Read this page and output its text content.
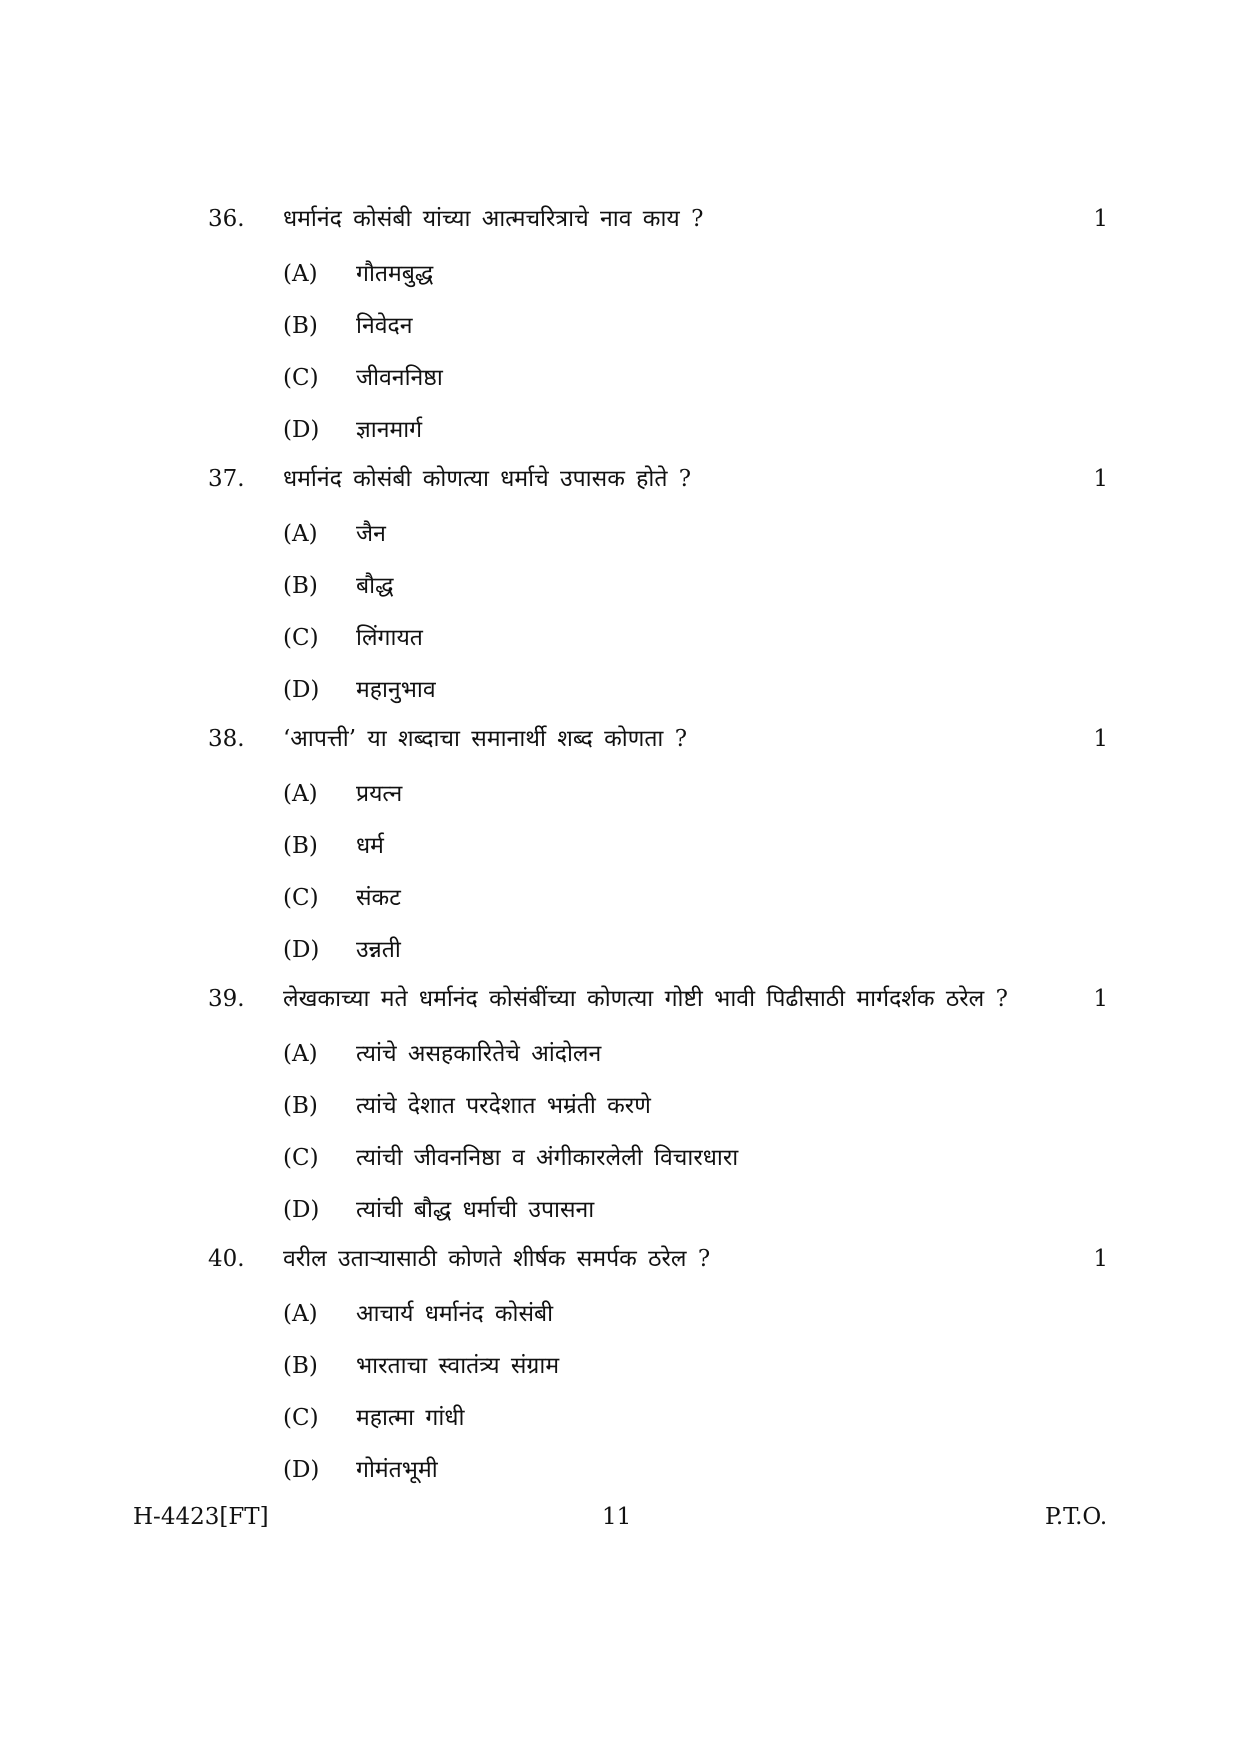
36. धर्मानंद कोसंबी यांच्या आत्मचरित्राचे नाव काय ?	1
(A) गौतमबुद्ध
(B) निवेदन
(C) जीवननिष्ठा
(D) ज्ञानमार्ग
37. धर्मानंद कोसंबी कोणत्या धर्माचे उपासक होते ?	1
(A) जैन
(B) बौद्ध
(C) लिंगायत
(D) महानुभाव
38. ‘आपत्ती’ या शब्दाचा समानार्थी शब्द कोणता ?	1
(A) प्रयत्न
(B) धर्म
(C) संकट
(D) उन्नती
39. लेखकाच्या मते धर्मानंद कोसंबींच्या कोणत्या गोष्टी भावी पिढीसाठी मार्गदर्शक ठरेल ?	1
(A) त्यांचे असहकारितेचे आंदोलन
(B) त्यांचे देशात परदेशात भम्रंती करणे
(C) त्यांची जीवननिष्ठा व अंगीकारलेली विचारधारा
(D) त्यांची बौद्ध धर्माची उपासना
40. वरील उताऱ्यासाठी कोणते शीर्षक समर्पक ठरेल ?	1
(A) आचार्य धर्मानंद कोसंबी
(B) भारताचा स्वातंत्र्य संग्राम
(C) महात्मा गांधी
(D) गोमंतभूमी
H-4423[FT]	11	P.T.O.
